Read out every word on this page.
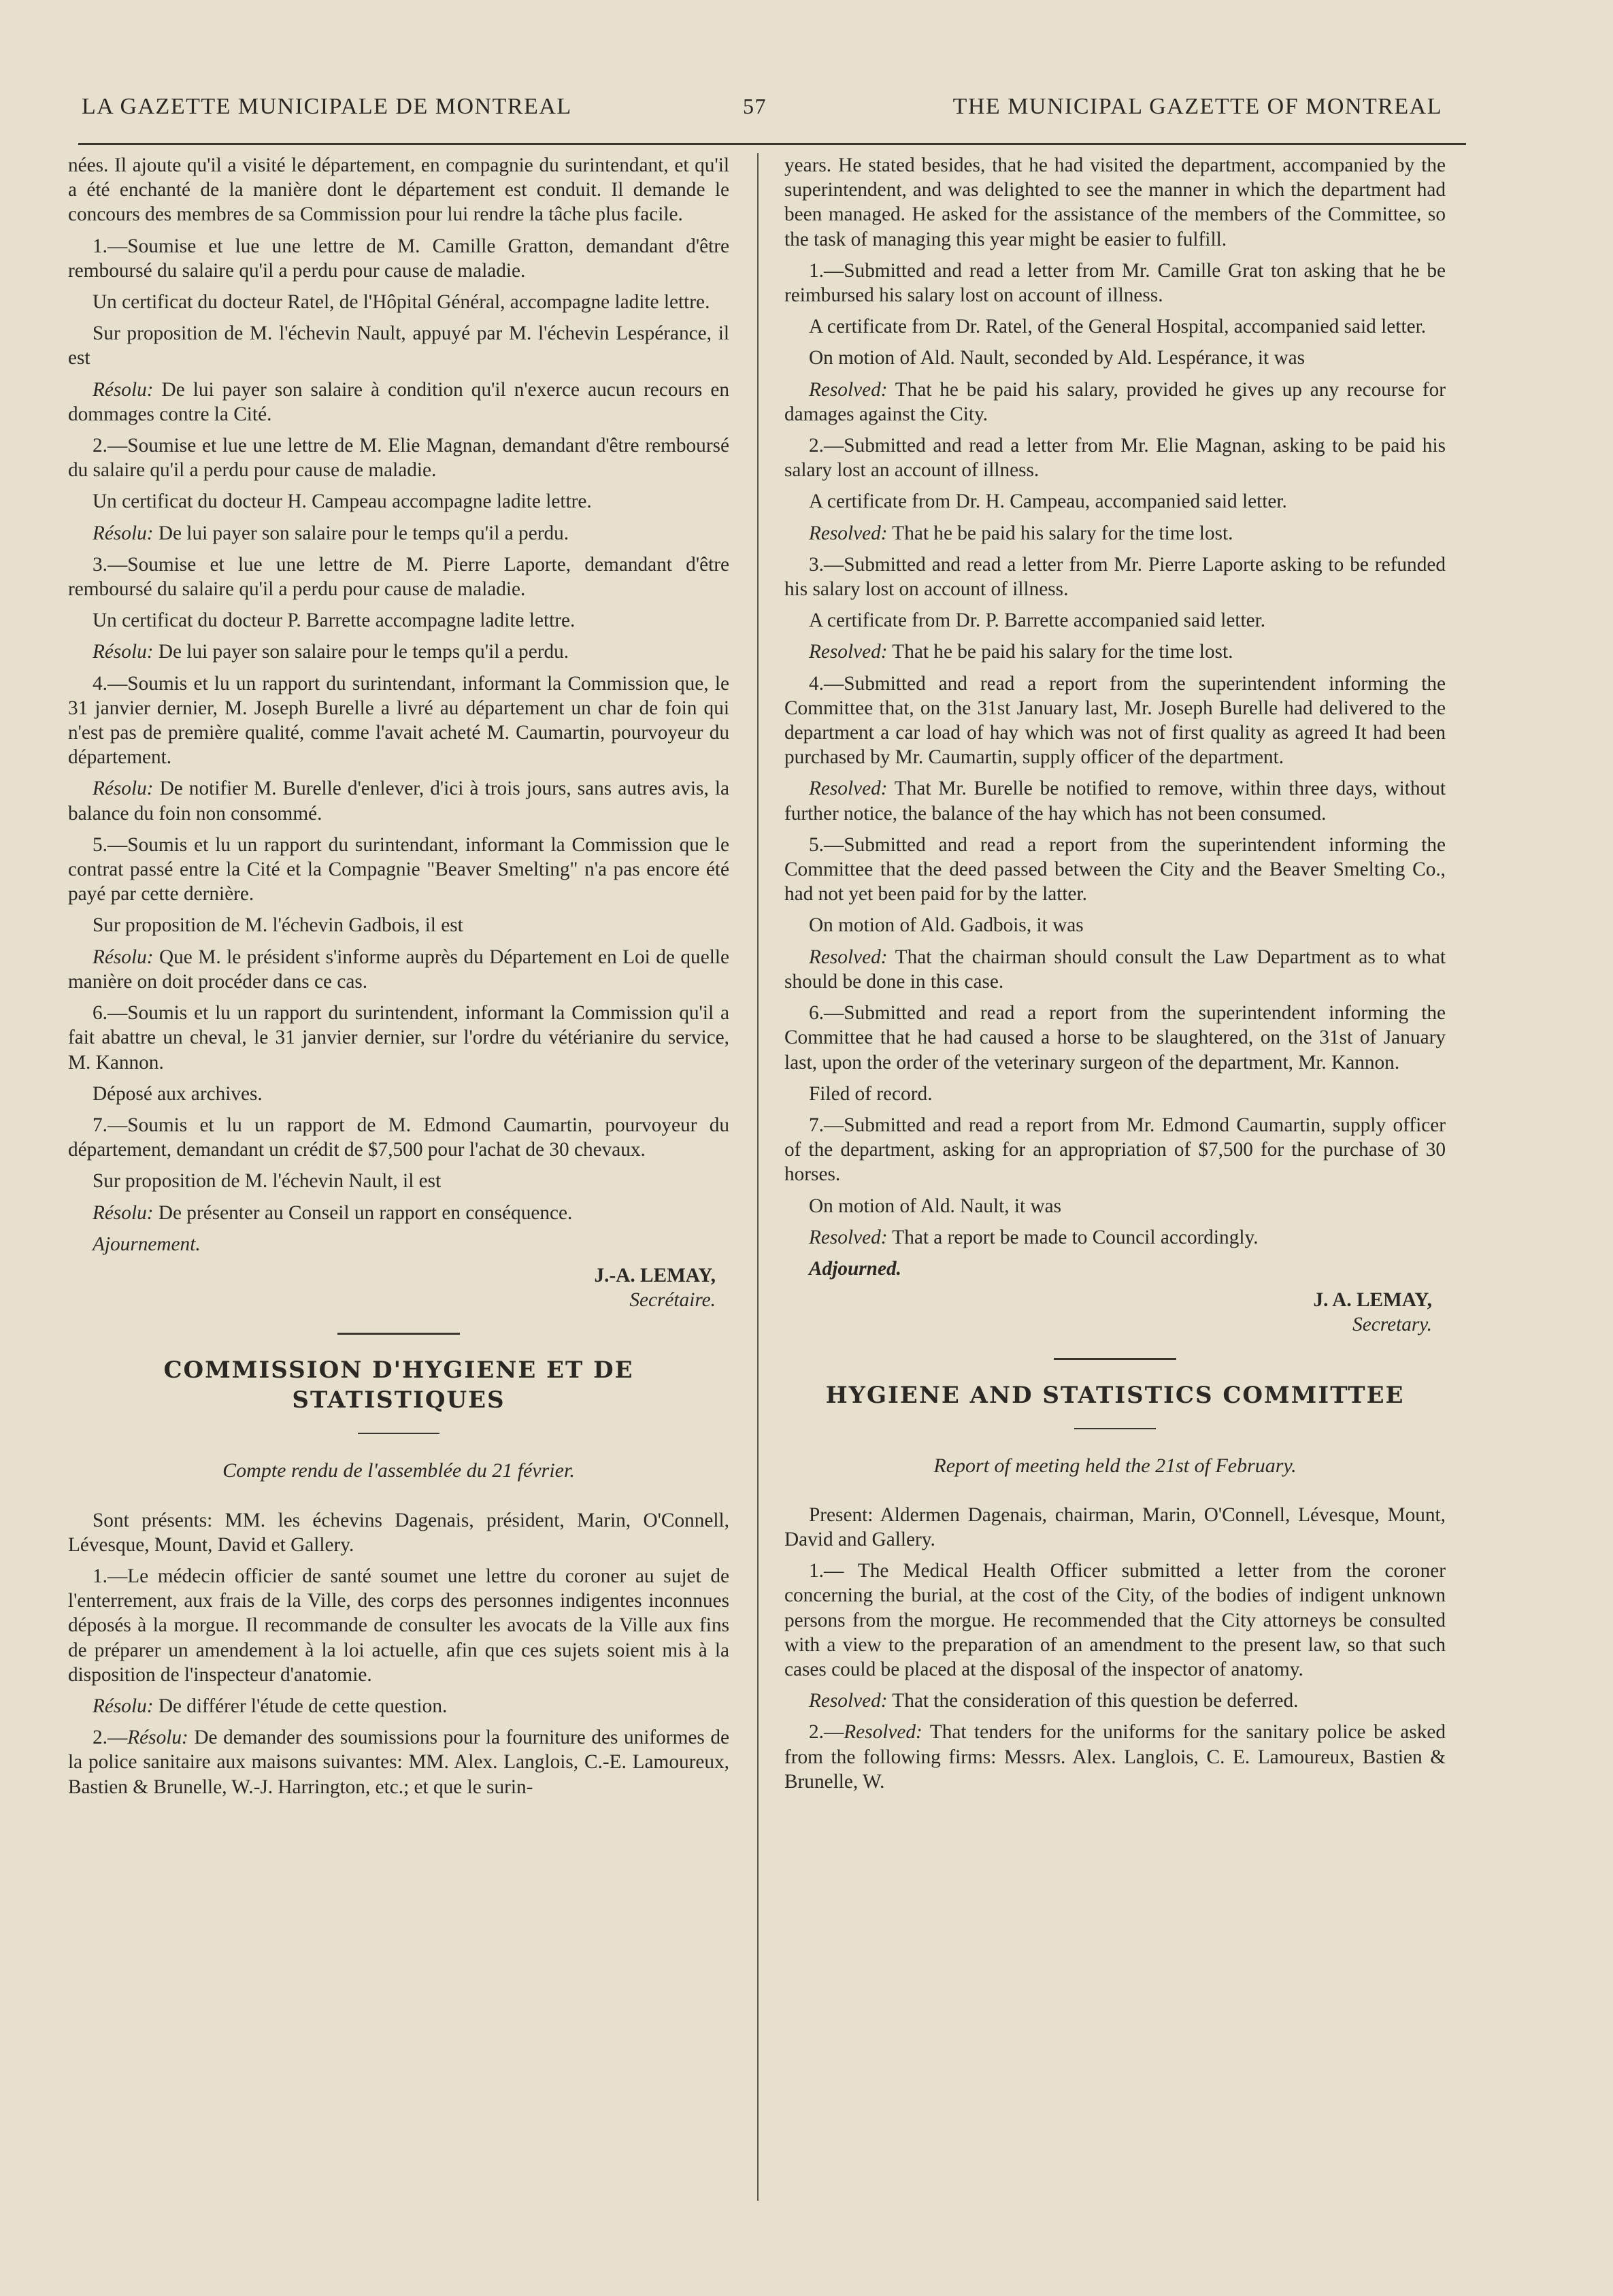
LA GAZETTE MUNICIPALE DE MONTREAL	57	THE MUNICIPAL GAZETTE OF MONTREAL

nées. Il ajoute qu'il a visité le département, en compagnie du surintendant, et qu'il a été enchanté de la manière dont le département est conduit. Il demande le concours des membres de sa Commission pour lui rendre la tâche plus facile.

1.—Soumise et lue une lettre de M. Camille Gratton, demandant d'être remboursé du salaire qu'il a perdu pour cause de maladie.

Un certificat du docteur Ratel, de l'Hôpital Général, accompagne ladite lettre.

Sur proposition de M. l'échevin Nault, appuyé par M. l'échevin Lespérance, il est

Résolu: De lui payer son salaire à condition qu'il n'exerce aucun recours en dommages contre la Cité.

2.—Soumise et lue une lettre de M. Elie Magnan, demandant d'être remboursé du salaire qu'il a perdu pour cause de maladie.

Un certificat du docteur H. Campeau accompagne ladite lettre.

Résolu: De lui payer son salaire pour le temps qu'il a perdu.

3.—Soumise et lue une lettre de M. Pierre Laporte, demandant d'être remboursé du salaire qu'il a perdu pour cause de maladie.

Un certificat du docteur P. Barrette accompagne ladite lettre.

Résolu: De lui payer son salaire pour le temps qu'il a perdu.

4.—Soumis et lu un rapport du surintendant, informant la Commission que, le 31 janvier dernier, M. Joseph Burelle a livré au département un char de foin qui n'est pas de première qualité, comme l'avait acheté M. Caumartin, pourvoyeur du département.

Résolu: De notifier M. Burelle d'enlever, d'ici à trois jours, sans autres avis, la balance du foin non consommé.

5.—Soumis et lu un rapport du surintendant, informant la Commission que le contrat passé entre la Cité et la Compagnie "Beaver Smelting" n'a pas encore été payé par cette dernière.

Sur proposition de M. l'échevin Gadbois, il est

Résolu: Que M. le président s'informe auprès du Département en Loi de quelle manière on doit procéder dans ce cas.

6.—Soumis et lu un rapport du surintendent, informant la Commission qu'il a fait abattre un cheval, le 31 janvier dernier, sur l'ordre du vétérianire du service, M. Kannon.

Déposé aux archives.

7.—Soumis et lu un rapport de M. Edmond Caumartin, pourvoyeur du département, demandant un crédit de $7,500 pour l'achat de 30 chevaux.

Sur proposition de M. l'échevin Nault, il est

Résolu: De présenter au Conseil un rapport en conséquence.

Ajournement.

J.-A. LEMAY,
Secrétaire.
COMMISSION D'HYGIENE ET DE STATISTIQUES
Compte rendu de l'assemblée du 21 février.

Sont présents: MM. les échevins Dagenais, président, Marin, O'Connell, Lévesque, Mount, David et Gallery.

1.—Le médecin officier de santé soumet une lettre du coroner au sujet de l'enterrement, aux frais de la Ville, des corps des personnes indigentes inconnues déposés à la morgue. Il recommande de consulter les avocats de la Ville aux fins de préparer un amendement à la loi actuelle, afin que ces sujets soient mis à la disposition de l'inspecteur d'anatomie.

Résolu: De différer l'étude de cette question.

2.—Résolu: De demander des soumissions pour la fourniture des uniformes de la police sanitaire aux maisons suivantes: MM. Alex. Langlois, C.-E. Lamoureux, Bastien & Brunelle, W.-J. Harrington, etc.; et que le surin-

years. He stated besides, that he had visited the department, accompanied by the superintendent, and was delighted to see the manner in which the department had been managed. He asked for the assistance of the members of the Committee, so the task of managing this year might be easier to fulfill.

1.—Submitted and read a letter from Mr. Camille Grat ton asking that he be reimbursed his salary lost on account of illness.

A certificate from Dr. Ratel, of the General Hospital, accompanied said letter.

On motion of Ald. Nault, seconded by Ald. Lespérance, it was

Resolved: That he be paid his salary, provided he gives up any recourse for damages against the City.

2.—Submitted and read a letter from Mr. Elie Magnan, asking to be paid his salary lost an account of illness.

A certificate from Dr. H. Campeau, accompanied said letter.

Resolved: That he be paid his salary for the time lost.

3.—Submitted and read a letter from Mr. Pierre Laporte asking to be refunded his salary lost on account of illness.

A certificate from Dr. P. Barrette accompanied said letter.

Resolved: That he be paid his salary for the time lost.

4.—Submitted and read a report from the superintendent informing the Committee that, on the 31st January last, Mr. Joseph Burelle had delivered to the department a car load of hay which was not of first quality as agreed It had been purchased by Mr. Caumartin, supply officer of the department.

Resolved: That Mr. Burelle be notified to remove, within three days, without further notice, the balance of the hay which has not been consumed.

5.—Submitted and read a report from the superintendent informing the Committee that the deed passed between the City and the Beaver Smelting Co., had not yet been paid for by the latter.

On motion of Ald. Gadbois, it was

Resolved: That the chairman should consult the Law Department as to what should be done in this case.

6.—Submitted and read a report from the superintendent informing the Committee that he had caused a horse to be slaughtered, on the 31st of January last, upon the order of the veterinary surgeon of the department, Mr. Kannon.

Filed of record.

7.—Submitted and read a report from Mr. Edmond Caumartin, supply officer of the department, asking for an appropriation of $7,500 for the purchase of 30 horses.

On motion of Ald. Nault, it was

Resolved: That a report be made to Council accordingly.

Adjourned.

J. A. LEMAY,
Secretary.
HYGIENE AND STATISTICS COMMITTEE
Report of meeting held the 21st of February.

Present: Aldermen Dagenais, chairman, Marin, O'Connell, Lévesque, Mount, David and Gallery.

1.— The Medical Health Officer submitted a letter from the coroner concerning the burial, at the cost of the City, of the bodies of indigent unknown persons from the morgue. He recommended that the City attorneys be consulted with a view to the preparation of an amendment to the present law, so that such cases could be placed at the disposal of the inspector of anatomy.

Resolved: That the consideration of this question be deferred.

2.—Resolved: That tenders for the uniforms for the sanitary police be asked from the following firms: Messrs. Alex. Langlois, C. E. Lamoureux, Bastien & Brunelle, W.
